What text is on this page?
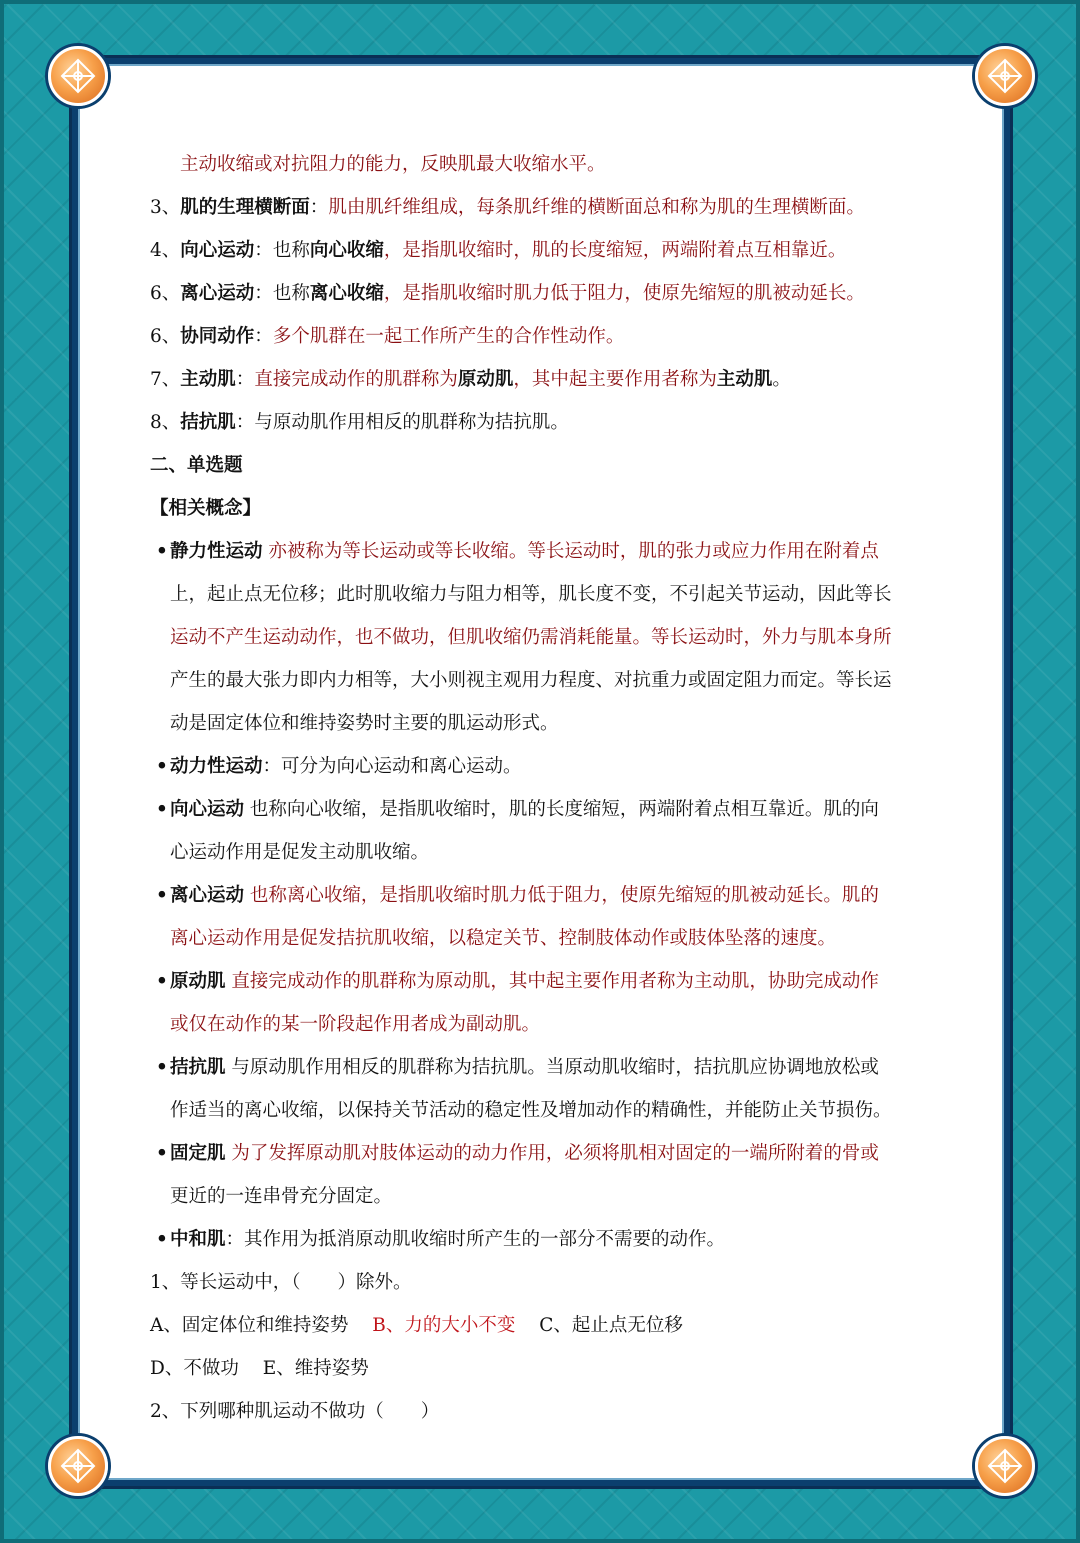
主动收缩或对抗阻力的能力，反映肌最大收缩水平。
3、肌的生理横断面：肌由肌纤维组成，每条肌纤维的横断面总和称为肌的生理横断面。
4、向心运动：也称向心收缩，是指肌收缩时，肌的长度缩短，两端附着点互相靠近。
6、离心运动：也称离心收缩，是指肌收缩时肌力低于阻力，使原先缩短的肌被动延长。
6、协同动作：多个肌群在一起工作所产生的合作性动作。
7、主动肌：直接完成动作的肌群称为原动肌，其中起主要作用者称为主动肌。
8、拮抗肌：与原动肌作用相反的肌群称为拮抗肌。
二、单选题
【相关概念】
• 静力性运动 亦被称为等长运动或等长收缩。等长运动时，肌的张力或应力作用在附着点
上，起止点无位移；此时肌收缩力与阻力相等，肌长度不变，不引起关节运动，因此等长
运动不产生运动动作，也不做功，但肌收缩仍需消耗能量。等长运动时，外力与肌本身所
产生的最大张力即内力相等，大小则视主观用力程度、对抗重力或固定阻力而定。等长运
动是固定体位和维持姿势时主要的肌运动形式。
• 动力性运动：可分为向心运动和离心运动。
• 向心运动 也称向心收缩，是指肌收缩时，肌的长度缩短，两端附着点相互靠近。肌的向
心运动作用是促发主动肌收缩。
• 离心运动 也称离心收缩，是指肌收缩时肌力低于阻力，使原先缩短的肌被动延长。肌的
离心运动作用是促发拮抗肌收缩，以稳定关节、控制肢体动作或肢体坠落的速度。
• 原动肌 直接完成动作的肌群称为原动肌，其中起主要作用者称为主动肌，协助完成动作
或仅在动作的某一阶段起作用者成为副动肌。
• 拮抗肌 与原动肌作用相反的肌群称为拮抗肌。当原动肌收缩时，拮抗肌应协调地放松或
作适当的离心收缩，以保持关节活动的稳定性及增加动作的精确性，并能防止关节损伤。
• 固定肌 为了发挥原动肌对肢体运动的动力作用，必须将肌相对固定的一端所附着的骨或
更近的一连串骨充分固定。
• 中和肌：其作用为抵消原动肌收缩时所产生的一部分不需要的动作。
1、等长运动中，（　　）除外。
A、固定体位和维持姿势 B、力的大小不变 C、起止点无位移
D、不做功 E、维持姿势
2、下列哪种肌运动不做功（　　）
